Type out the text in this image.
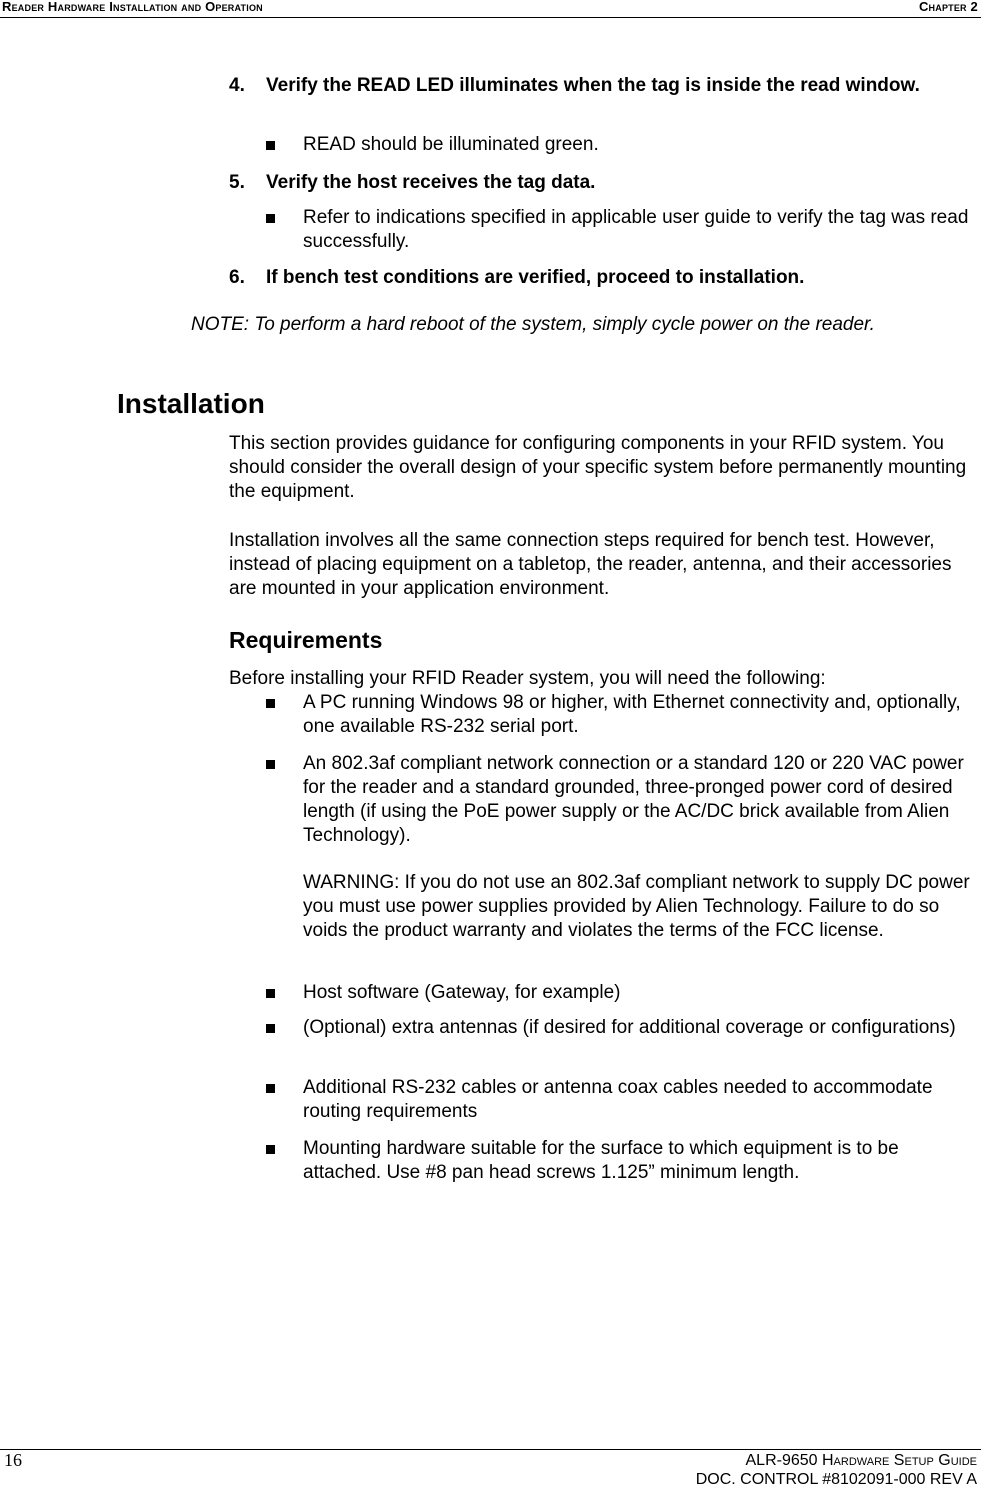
Reader Hardware Installation and Operation	Chapter 2
4. Verify the READ LED illuminates when the tag is inside the read window.
READ should be illuminated green.
5. Verify the host receives the tag data.
Refer to indications specified in applicable user guide to verify the tag was read successfully.
6. If bench test conditions are verified, proceed to installation.
NOTE: To perform a hard reboot of the system, simply cycle power on the reader.
Installation
This section provides guidance for configuring components in your RFID system. You should consider the overall design of your specific system before permanently mounting the equipment.
Installation involves all the same connection steps required for bench test. However, instead of placing equipment on a tabletop, the reader, antenna, and their accessories are mounted in your application environment.
Requirements
Before installing your RFID Reader system, you will need the following:
A PC running Windows 98 or higher, with Ethernet connectivity and, optionally, one available RS-232 serial port.
An 802.3af compliant network connection or a standard 120 or 220 VAC power for the reader and a standard grounded, three-pronged power cord of desired length (if using the PoE power supply or the AC/DC brick available from Alien Technology).
WARNING: If you do not use an 802.3af compliant network to supply DC power you must use power supplies provided by Alien Technology. Failure to do so voids the product warranty and violates the terms of the FCC license.
Host software (Gateway, for example)
(Optional) extra antennas (if desired for additional coverage or configurations)
Additional RS-232 cables or antenna coax cables needed to accommodate routing requirements
Mounting hardware suitable for the surface to which equipment is to be attached. Use #8 pan head screws 1.125” minimum length.
16	ALR-9650 Hardware Setup Guide
DOC. CONTROL #8102091-000 REV A
